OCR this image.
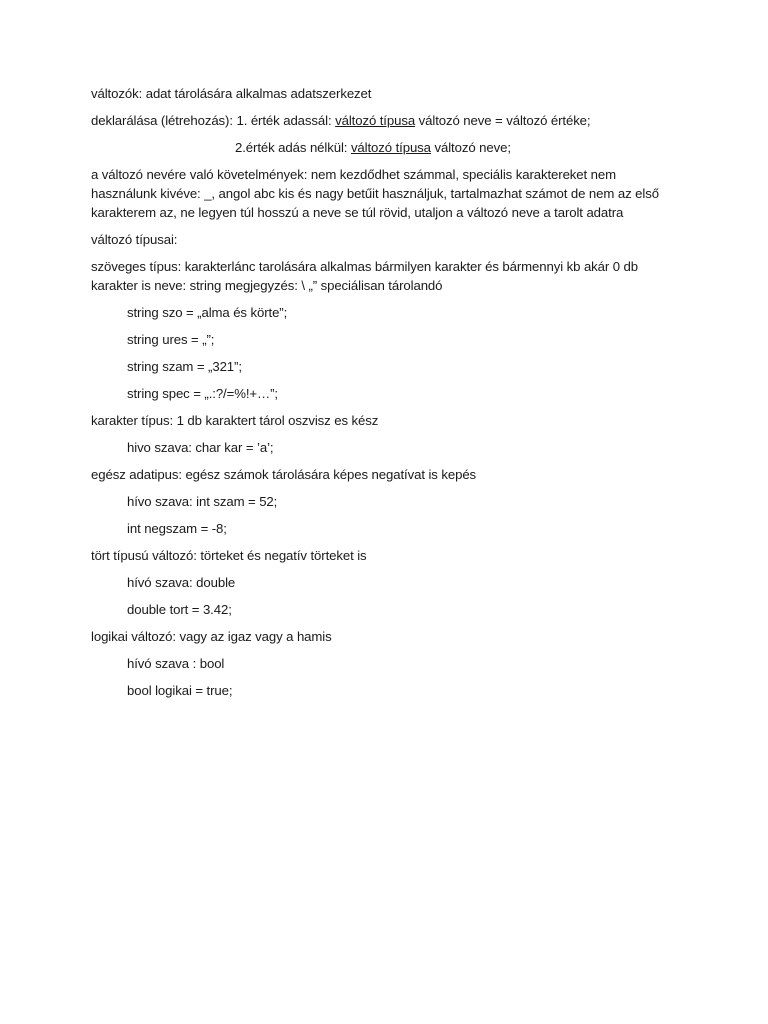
változók: adat tárolására alkalmas adatszerkezet

deklarálása (létrehozás): 1. érték adassál: változó típusa változó neve = változó értéke;

2.érték adás nélkül: változó típusa változó neve;

a változó nevére való követelmények: nem kezdődhet számmal, speciális karaktereket nem
használunk kivéve: _, angol abc kis és nagy betűit használjuk, tartalmazhat számot de nem az első
karakterem az, ne legyen túl hosszú a neve se túl rövid, utaljon a változó neve a tarolt adatra

változó típusai:

szöveges típus: karakterlánc tarolására alkalmas bármilyen karakter és bármennyi kb akár 0 db
karakter is neve: string megjegyzés: \ „” speciálisan tárolandó

string szo = „alma és körte”;

string ures = „”;

string szam = „321”;

string spec = „.:?/=%!+…”;

karakter típus: 1 db karaktert tárol oszvisz es kész

hivo szava: char kar = ’a’;

egész adatipus: egész számok tárolására képes negatívat is kepés

hívo szava: int szam = 52;

int negszam = -8;

tört típusú változó: törteket és negatív törteket is

hívó szava: double

double tort = 3.42;

logikai változó: vagy az igaz vagy a hamis

hívó szava : bool

bool logikai = true;
